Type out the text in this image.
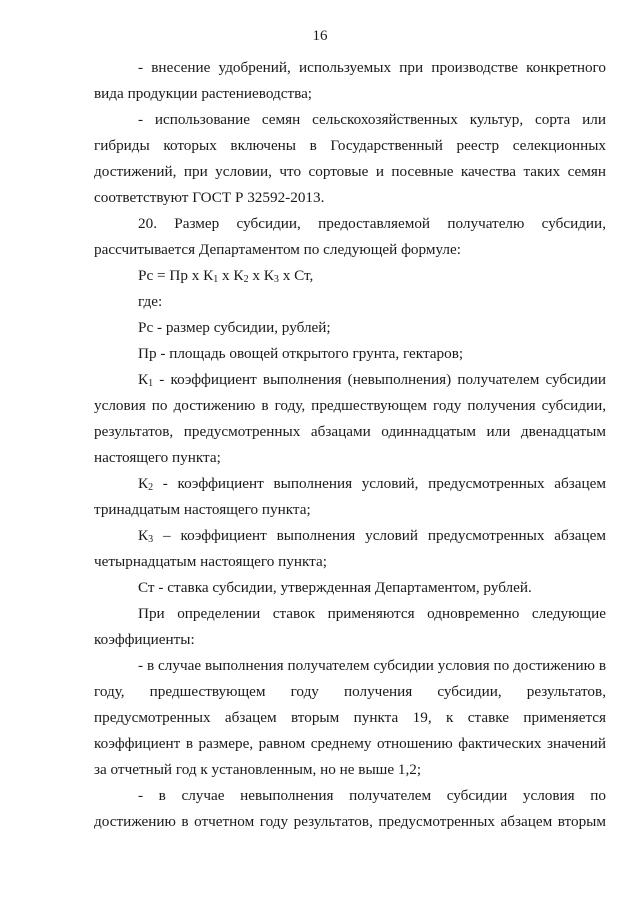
16

- внесение удобрений, используемых при производстве конкретного вида продукции растениеводства;

- использование семян сельскохозяйственных культур, сорта или гибриды которых включены в Государственный реестр селекционных достижений, при условии, что сортовые и посевные качества таких семян соответствуют ГОСТ Р 32592-2013.

20. Размер субсидии, предоставляемой получателю субсидии, рассчитывается Департаментом по следующей формуле:

Рс = Пр х $К_1$ х $К_2$ х $К_3$ х Ст,

где:

Рс - размер субсидии, рублей;

Пр - площадь овощей открытого грунта, гектаров;

$К_1$ - коэффициент выполнения (невыполнения) получателем субсидии условия по достижению в году, предшествующем году получения субсидии, результатов, предусмотренных абзацами одиннадцатым или двенадцатым настоящего пункта;

$К_2$ - коэффициент выполнения условий, предусмотренных абзацем тринадцатым настоящего пункта;

$К_3$ – коэффициент выполнения условий предусмотренных абзацем четырнадцатым настоящего пункта;

Ст - ставка субсидии, утвержденная Департаментом, рублей.

При определении ставок применяются одновременно следующие коэффициенты:

- в случае выполнения получателем субсидии условия по достижению в году, предшествующем году получения субсидии, результатов, предусмотренных абзацем вторым пункта 19, к ставке применяется коэффициент в размере, равном среднему отношению фактических значений за отчетный год к установленным, но не выше 1,2;

- в случае невыполнения получателем субсидии условия по достижению в отчетном году результатов, предусмотренных абзацем вторым
